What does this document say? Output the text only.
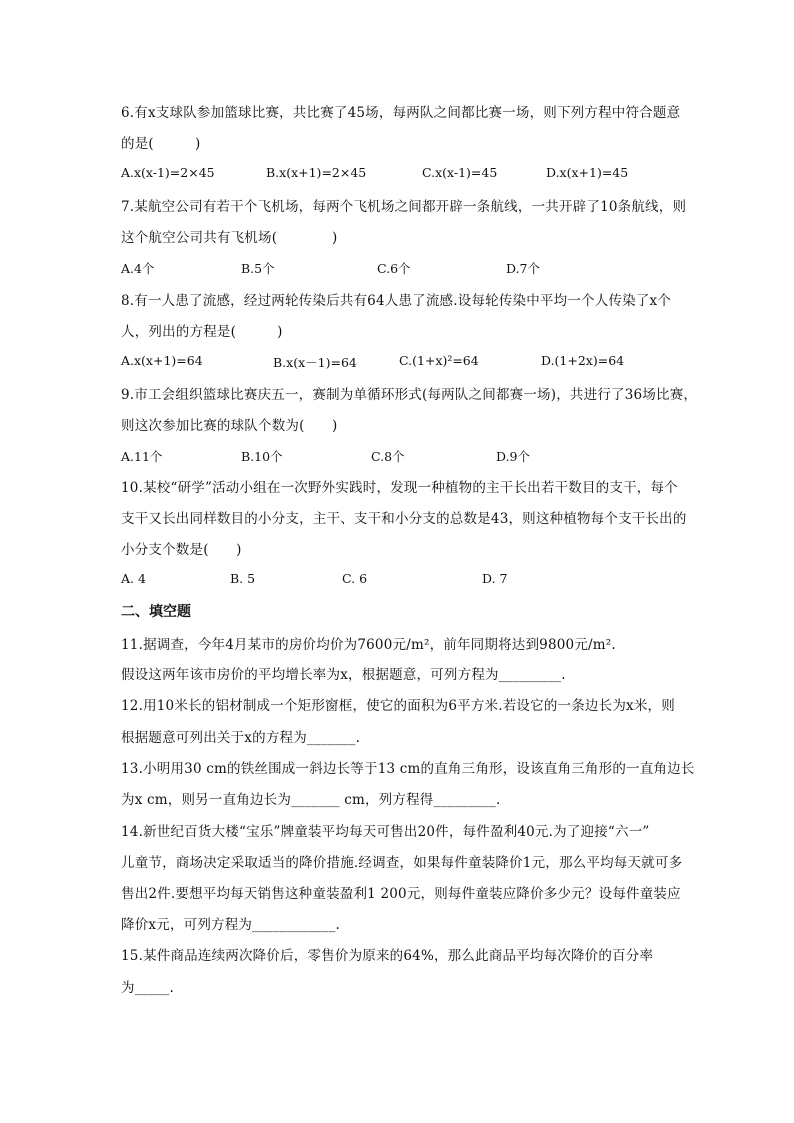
6.有x支球队参加篮球比赛，共比赛了45场，每两队之间都比赛一场，则下列方程中符合题意
的是(　　　)
A.x(x-1)=2×45	B.x(x+1)=2×45	C.x(x-1)=45	D.x(x+1)=45
7.某航空公司有若干个飞机场，每两个飞机场之间都开辟一条航线，一共开辟了10条航线，则
这个航空公司共有飞机场(　　　　)
A.4个	B.5个	C.6个	D.7个
8.有一人患了流感，经过两轮传染后共有64人患了流感.设每轮传染中平均一个人传染了x个
人，列出的方程是(　　　)
A.x(x+1)=64	B.x(x－1)=64	C.(1+x)²=64	D.(1+2x)=64
9.市工会组织篮球比赛庆五一，赛制为单循环形式(每两队之间都赛一场)，共进行了36场比赛，
则这次参加比赛的球队个数为(　　)
A.11个	B.10个	C.8个	D.9个
10.某校“研学”活动小组在一次野外实践时，发现一种植物的主干长出若干数目的支干，每个
支干又长出同样数目的小分支，主干、支干和小分支的总数是43，则这种植物每个支干长出的
小分支个数是(　　)
A. 4	B. 5	C. 6	D. 7
二、填空题
11.据调查，今年4月某市的房价均价为7600元/m²，前年同期将达到9800元/m².
假设这两年该市房价的平均增长率为x，根据题意，可列方程为_________.
12.用10米长的铝材制成一个矩形窗框，使它的面积为6平方米.若设它的一条边长为x米，则
根据题意可列出关于x的方程为_______.
13.小明用30 cm的铁丝围成一斜边长等于13 cm的直角三角形，设该直角三角形的一直角边长
为x cm，则另一直角边长为_______ cm，列方程得_________.
14.新世纪百货大楼“宝乐”牌童装平均每天可售出20件，每件盈利40元.为了迎接“六一”
儿童节，商场决定采取适当的降价措施.经调查，如果每件童装降价1元，那么平均每天就可多
售出2件.要想平均每天销售这种童装盈利1 200元，则每件童装应降价多少元？设每件童装应
降价x元，可列方程为____________.
15.某件商品连续两次降价后，零售价为原来的64%，那么此商品平均每次降价的百分率
为_____.
